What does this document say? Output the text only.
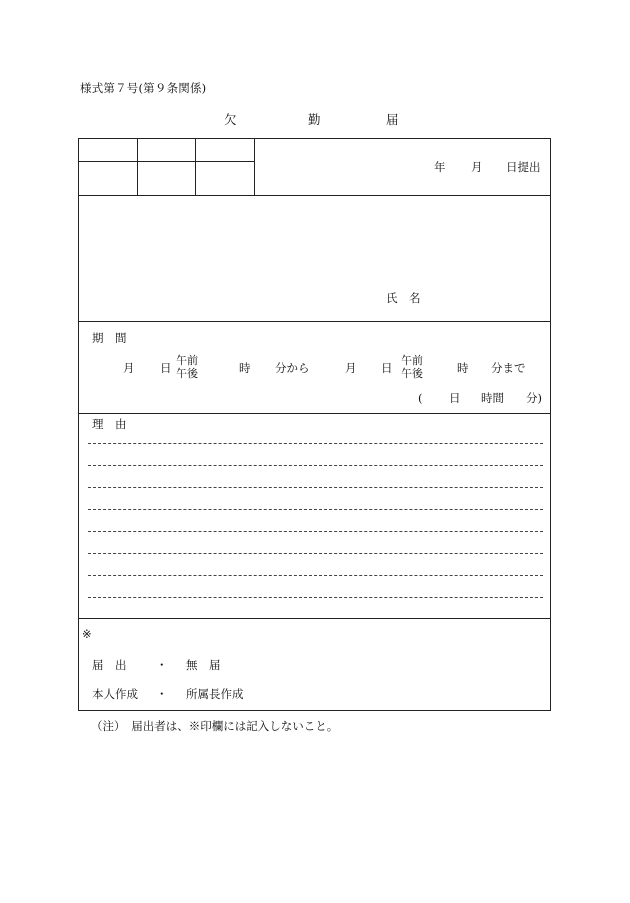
様式第７号(第９条関係)
欠	勤	届
年 月 日提出
氏　名
期　間
月 日
午前
午後	時 分から	月 日
午前
午後	時 分まで
( 日 時間 分)
理　由
※
届　出	・ 無　届
本人作成 ・ 所属長作成
（注）　届出者は、※印欄には記入しないこと。
